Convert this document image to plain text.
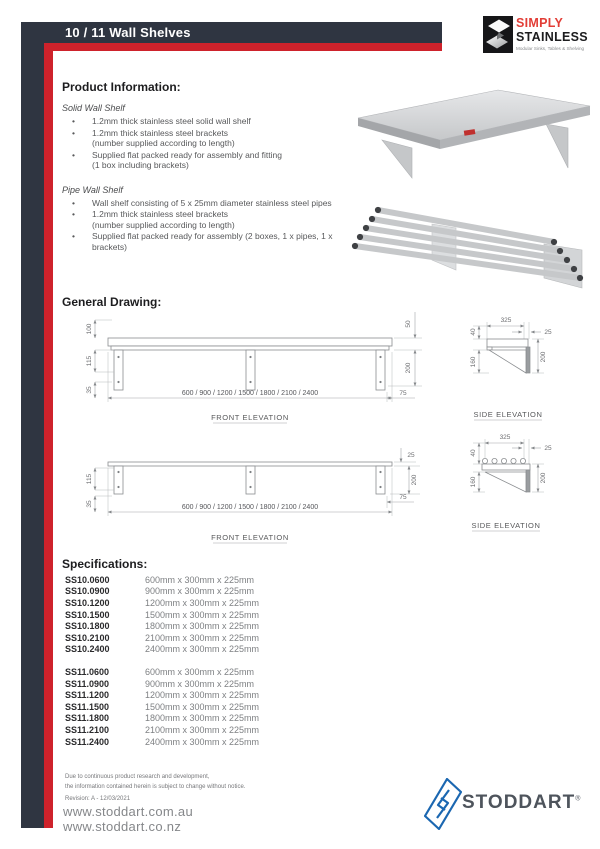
10 / 11 Wall Shelves
SIMPLY
STAINLESS
Modular Sinks, Tables & Shelving
Product Information:
Solid Wall Shelf
• 1.2mm thick stainless steel solid wall shelf
• 1.2mm thick stainless steel brackets
(number supplied according to length)
• Supplied flat packed ready for assembly and fitting
(1 box including brackets)
Pipe Wall Shelf
• Wall shelf consisting of 5 x 25mm diameter stainless steel pipes
• 1.2mm thick stainless steel brackets
(number supplied according to length)
• Supplied flat packed ready for assembly (2 boxes, 1 x pipes, 1 x
brackets)
General Drawing:
100
115
35
50
200
75
600 / 900 / 1200 / 1500 / 1800 / 2100 / 2400
FRONT ELEVATION
325
25
40
160	200
SIDE ELEVATION
115
35
25
200
75
600 / 900 / 1200 / 1500 / 1800 / 2100 / 2400
FRONT ELEVATION
325
25
40
160	200
SIDE ELEVATION
Specifications:
SS10.0600	600mm x 300mm x 225mm
SS10.0900	900mm x 300mm x 225mm
SS10.1200	1200mm x 300mm x 225mm
SS10.1500	1500mm x 300mm x 225mm
SS10.1800	1800mm x 300mm x 225mm
SS10.2100	2100mm x 300mm x 225mm
SS10.2400	2400mm x 300mm x 225mm
SS11.0600	600mm x 300mm x 225mm
SS11.0900	900mm x 300mm x 225mm
SS11.1200	1200mm x 300mm x 225mm
SS11.1500	1500mm x 300mm x 225mm
SS11.1800	1800mm x 300mm x 225mm
SS11.2100	2100mm x 300mm x 225mm
SS11.2400	2400mm x 300mm x 225mm
Due to continuous product research and development,
the information contained herein is subject to change without notice.
Revision: A - 12/03/2021
www.stoddart.com.au
www.stoddart.co.nz
STODDART®
